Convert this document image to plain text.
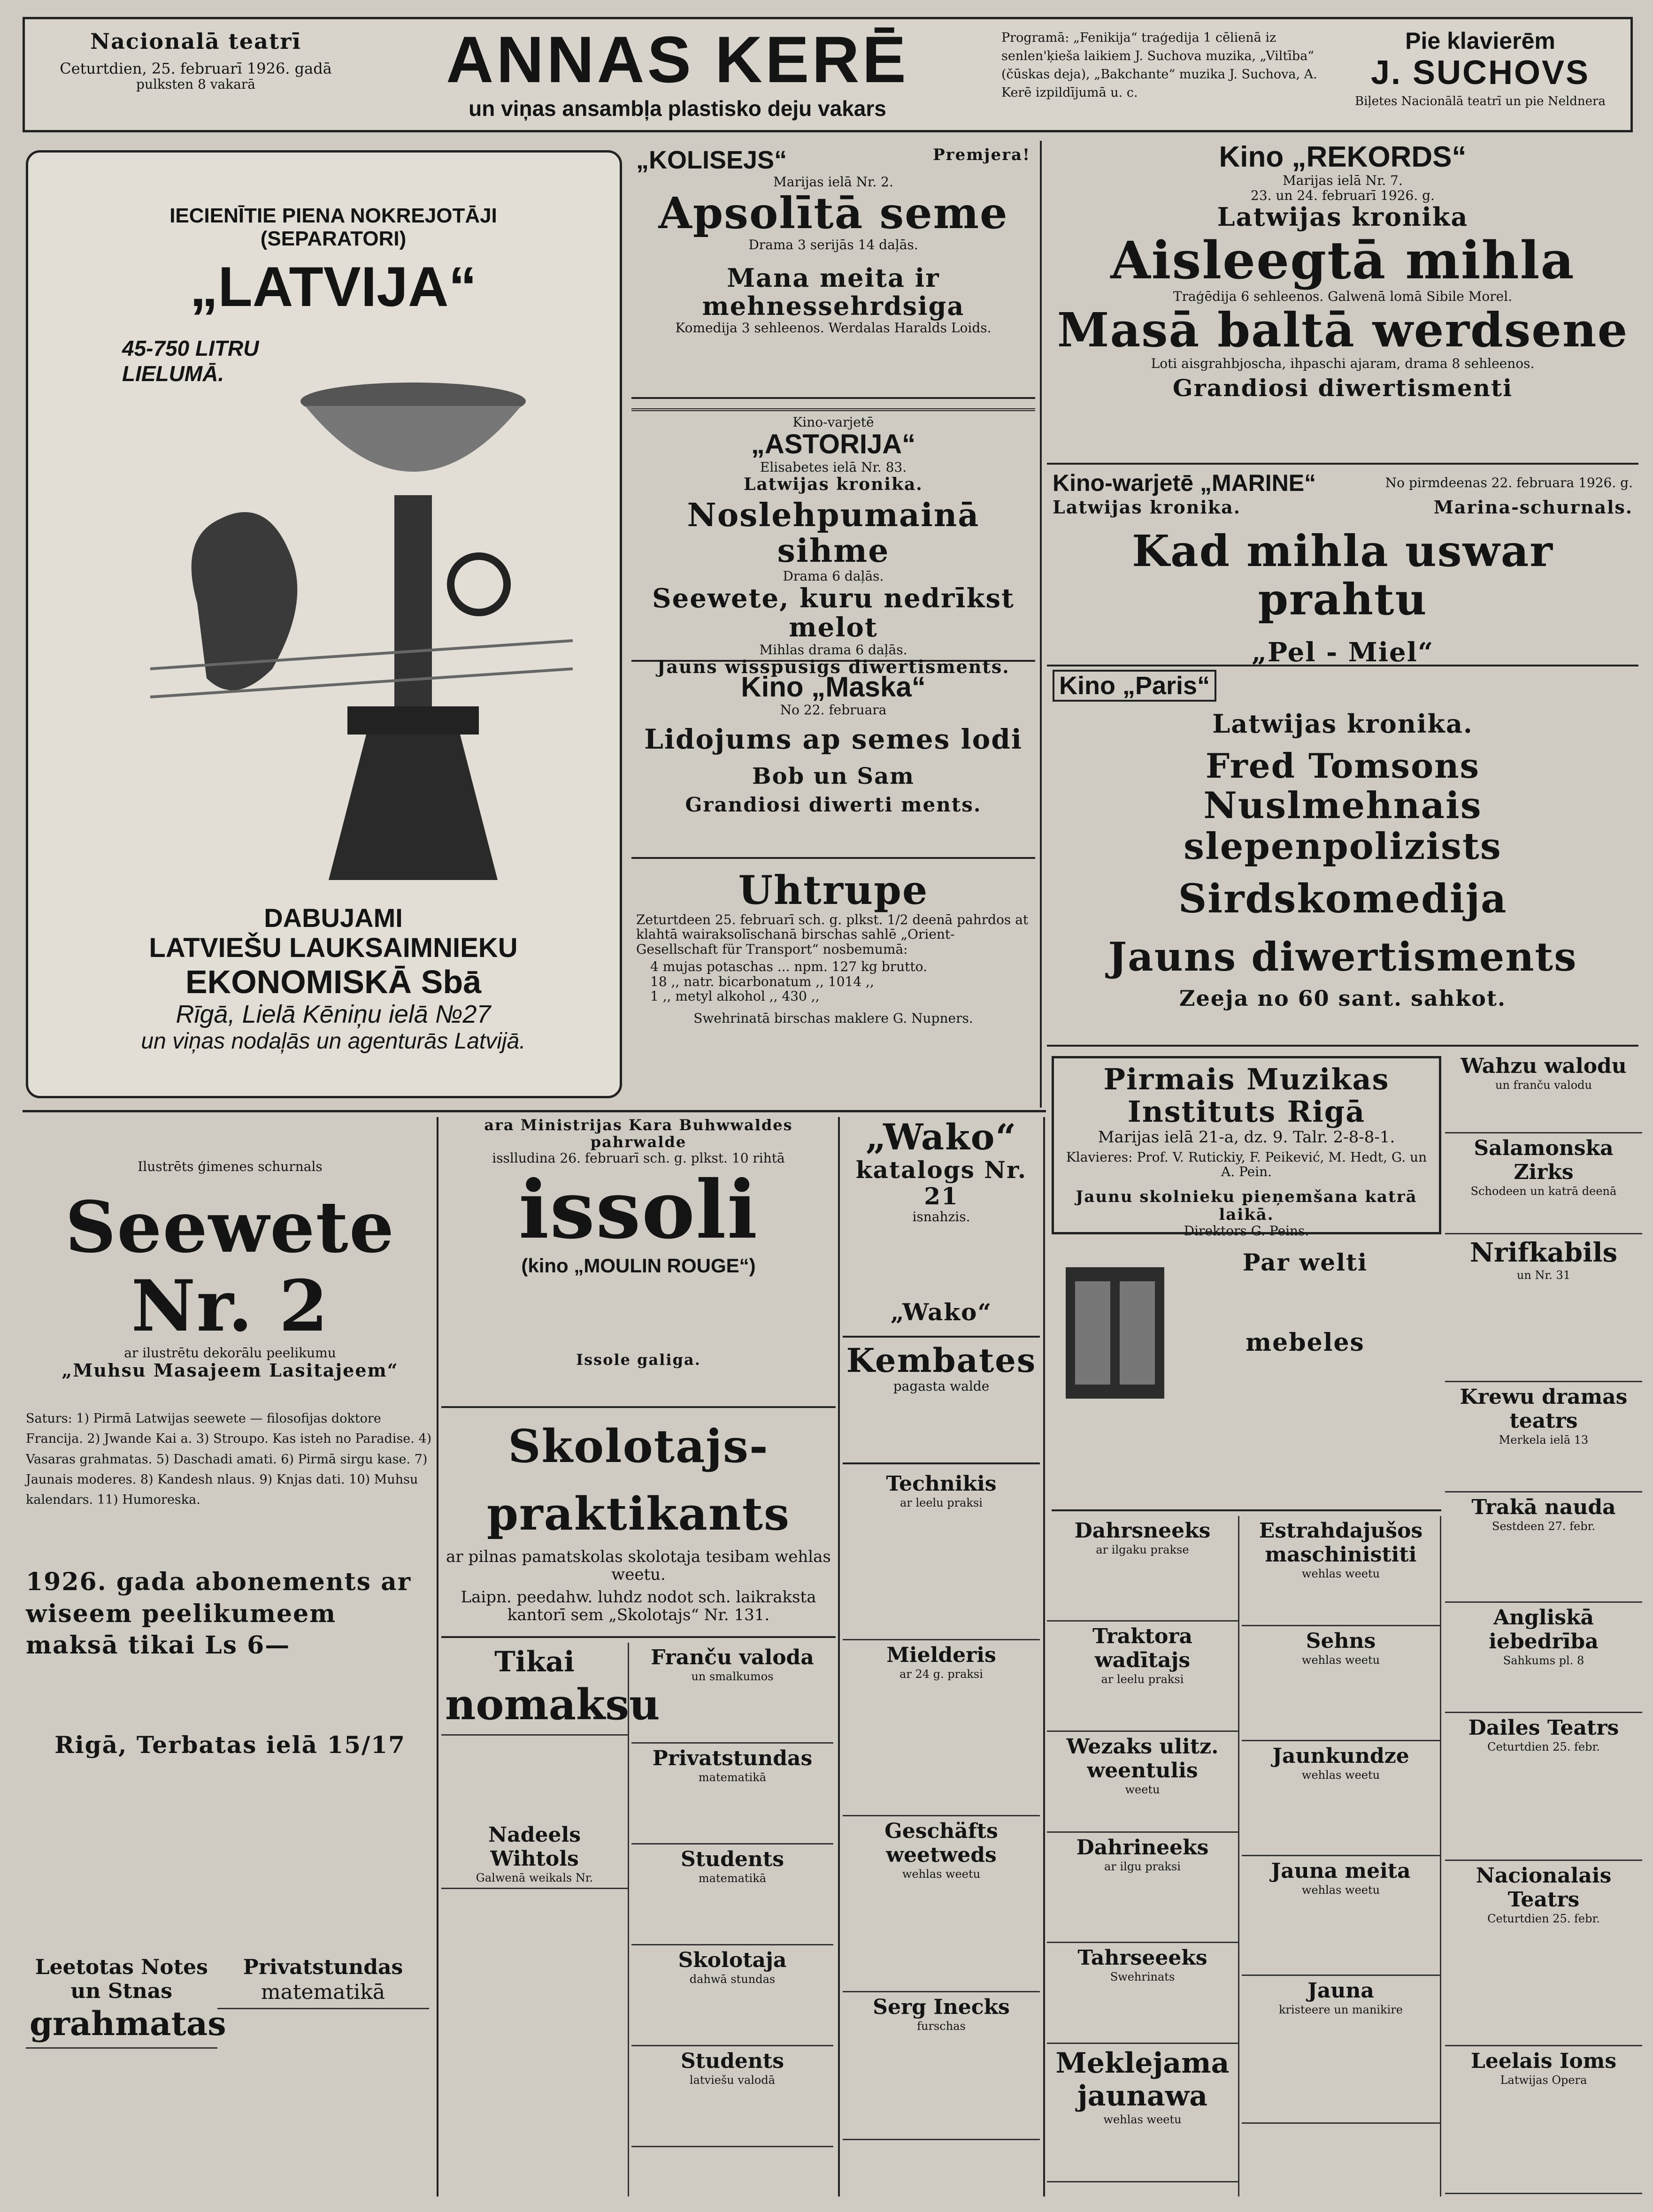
Nacionalā teatrī
Ceturtdien, 25. februarī 1926. gadā
pulksten 8 vakarā	ANNAS KERĒ
un viņas ansambļa plastisko deju vakars
Programā: „Fenikija“ traģedija 1 cēlienā iz senlen'ķieša laikiem J. Suchova muzika, „Viltība“ (čūskas deja), „Bakchante“ muzika J. Suchova, A. Kerē izpildījumā u. c.
Pie klavierēm
J. SUCHOVS
Biļetes Nacionālā teatrī un pie Neldnera
IECIENĪTIE PIENA NOKREJOTĀJI (SEPARATORI)
„LATVIJA“
45-750 LITRU LIELUMĀ.
DABUJAMI
LATVIEŠU LAUKSAIMNIEKU
EKONOMISKĀ Sbā
Rīgā, Lielā Kēniņu ielā №27
un viņas nodaļās un agenturās Latvijā.
„KOLISEJS“	Premjera!
Marijas ielā Nr. 2.
Apsolītā seme
Drama 3 serijās 14 daļās.
Mana meita ir mehnessehrdsiga
Komedija 3 sehleenos. Werdalas Haralds Loids.
Kino-varjetē
„ASTORIJA“
Elisabetes ielā Nr. 83.
Latwijas kronika.
Noslehpumainā sihme
Drama 6 daļās.
Seewete, kuru nedrīkst melot
Mihlas drama 6 daļās.
Jauns wisspusigs diwertisments.
Kino „Maska“
No 22. februara
Lidojums ap semes lodi
Bob un Sam
Grandiosi diwerti ments.
Uhtrupe
Zeturtdeen 25. februarī sch. g. plkst. 1/2 deenā pahrdos at klahtā wairaksolīschanā birschas sahlē „Orient-Gesellschaft für Transport“ nosbemumā:
4 mujas potaschas ... npm. 127 kg brutto.
18 ,, natr. bicarbonatum ,, 1014 ,,
1 ,, metyl alkohol ,, 430 ,,
Swehrinatā birschas maklere G. Nupners.
Kino „REKORDS“
Marijas ielā Nr. 7.
23. un 24. februarī 1926. g.
Latwijas kronika
Aisleegtā mihla
Traģēdija 6 sehleenos. Galwenā lomā Sibile Morel.
Masā baltā werdsene
Loti aisgrahbjoscha, ihpaschi ajaram, drama 8 sehleenos.
Grandiosi diwertismenti
Kino-warjetē „MARINE“	No pirmdeenas 22. februara 1926. g.
Latwijas kronika.	Marina-schurnals.
Kad mihla uswar prahtu
„Pel - Miel“
Kino „Paris“
Latwijas kronika.
Fred Tomsons
Nuslmehnais slepenpolizists
Sirdskomedija
Jauns diwertisments
Zeeja no 60 sant. sahkot.
Pirmais Muzikas Instituts Rigā
Marijas ielā 21-a, dz. 9. Talr. 2-8-8-1.
Klavieres: Prof. V. Rutickiy, F. Peikević, M. Hedt, G. un A. Pein.
Jaunu skolnieku pieņemšana katrā laikā.
Direktors G. Peins.
Ilustrēts ģimenes schurnals
Seewete Nr. 2
ar ilustrētu dekorālu peelikumu
„Muhsu Masajeem Lasitajeem“
Saturs: 1) Pirmā Latwijas seewete — filosofijas doktore Francija. 2) Jwande Kai a. 3) Stroupo. Kas isteh no Paradise. 4) Vasaras grahmatas. 5) Daschadi amati. 6) Pirmā sirgu kase. 7) Jaunais moderes. 8) Kandesh nlaus. 9) Knjas dati. 10) Muhsu kalendars. 11) Humoreska.
1926. gada abonements ar wiseem peelikumeem maksā tikai Ls 6—
Rigā, Terbatas ielā 15/17
Leetotas Notes un Stnas
grahmatas
Privatstundas
matematikā
ara Ministrijas Kara Buhwwaldes pahrwalde
isslludina 26. februarī sch. g. plkst. 10 rihtā
issoli
(kino „MOULIN ROUGE“)
Issole galiga.
Skolotajs-praktikants
ar pilnas pamatskolas skolotaja tesibam wehlas weetu.
Laipn. peedahw. luhdz nodot sch. laikraksta kantorī sem „Skolotajs“ Nr. 131.
Tikai
nomaksu
Nadeels Wihtols
Galwenā weikals Nr.
Franču valoda
un smalkumos
Privatstundas
matematikā
Students
matematikā
Skolotaja
dahwā stundas
Students
latviešu valodā
„Wako“
katalogs Nr. 21
isnahzis.
„Wako“
Kembates
pagasta walde
Technikis
ar leelu praksi
Mielderis
ar 24 g. praksi
Geschäfts weetweds
wehlas weetu
Serg Inecks
furschas
Par welti
mebeles
Dahrsneeks
ar ilgaku prakse
Traktora wadītajs
ar leelu praksi
Wezaks ulitz. weentulis
weetu
Dahrineeks
ar ilgu praksi
Tahrseeeks
Swehrinats
Meklejama jaunawa
wehlas weetu
Estrahdajušos maschinistiti
wehlas weetu
Sehns
wehlas weetu
Jaunkundze
wehlas weetu
Jauna meita
wehlas weetu
Jauna
kristeere un manikire
Wahzu walodu
un franču valodu
Salamonska Zirks
Schodeen un katrā deenā
Nrifkabils
un Nr. 31
Krewu dramas teatrs
Merkela ielā 13
Trakā nauda
Sestdeen 27. febr.
Angliskā iebedrība
Sahkums pl. 8
Dailes Teatrs
Ceturtdien 25. febr.
Nacionalais Teatrs
Ceturtdien 25. febr.
Leelais Ioms
Latwijas Opera
